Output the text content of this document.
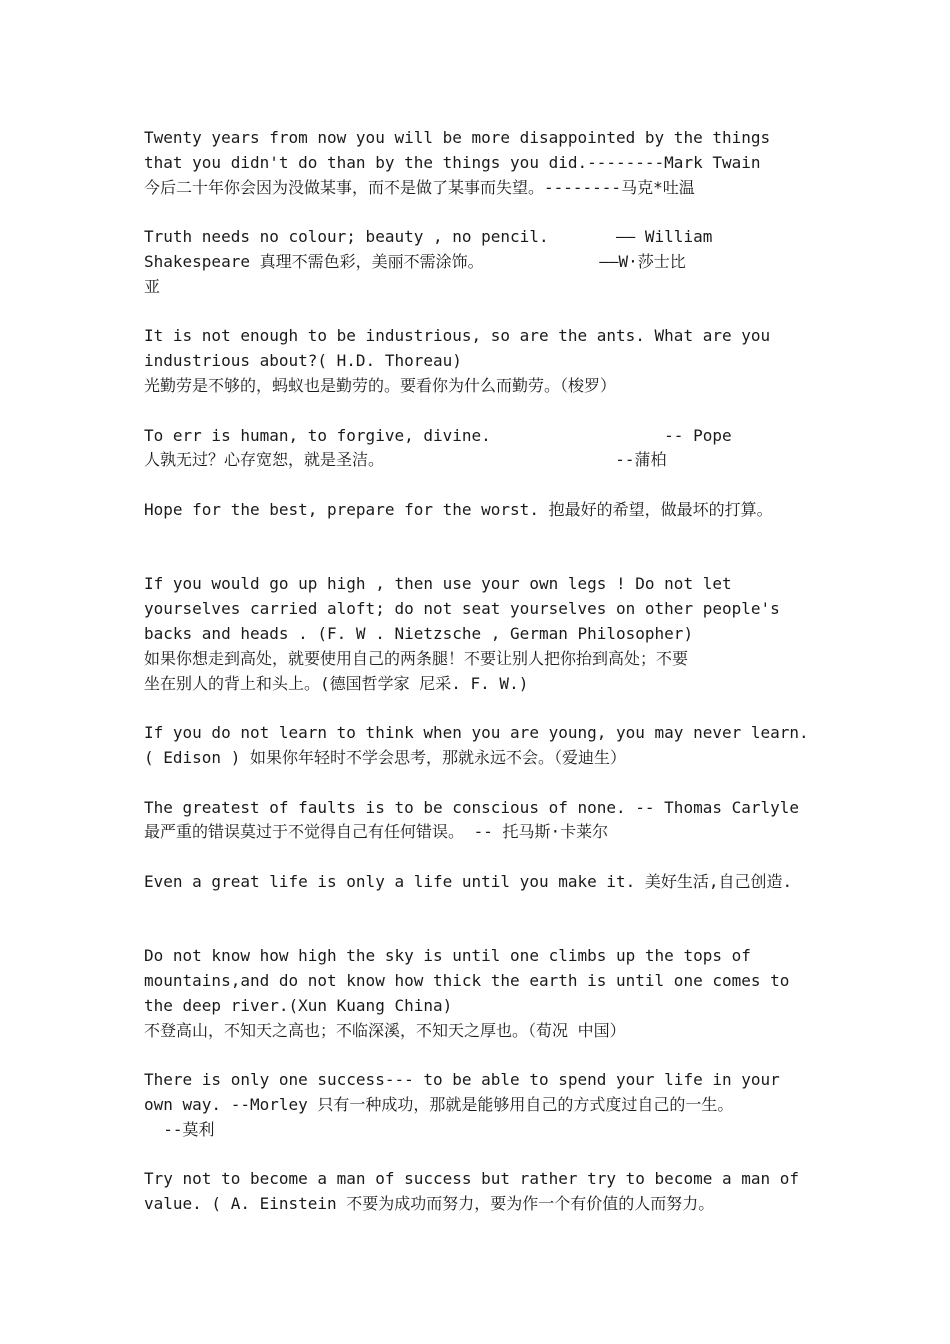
Twenty years from now you will be more disappointed by the things
that you didn't do than by the things you did.--------Mark Twain
今后二十年你会因为没做某事，而不是做了某事而失望。--------马克*吐温
Truth needs no colour; beauty , no pencil.       —— William
Shakespeare 真理不需色彩，美丽不需涂饰。            ——W·莎士比
亚
It is not enough to be industrious, so are the ants. What are you
industrious about?( H.D. Thoreau)
光勤劳是不够的，蚂蚁也是勤劳的。要看你为什么而勤劳。（梭罗）
To err is human, to forgive, divine.                  -- Pope
人孰无过？心存宽恕，就是圣洁。                        --蒲柏
Hope for the best, prepare for the worst. 抱最好的希望，做最坏的打算。
If you would go up high , then use your own legs ! Do not let
yourselves carried aloft; do not seat yourselves on other people's
backs and heads . (F. W . Nietzsche , German Philosopher)
如果你想走到高处，就要使用自己的两条腿！不要让别人把你抬到高处；不要
坐在别人的背上和头上。(德国哲学家 尼采. F. W.)
If you do not learn to think when you are young, you may never learn.
( Edison ) 如果你年轻时不学会思考，那就永远不会。（爱迪生）
The greatest of faults is to be conscious of none. -- Thomas Carlyle
最严重的错误莫过于不觉得自己有任何错误。 -- 托马斯·卡莱尔
Even a great life is only a life until you make it. 美好生活,自己创造.
Do not know how high the sky is until one climbs up the tops of
mountains,and do not know how thick the earth is until one comes to
the deep river.(Xun Kuang China)
不登高山，不知天之高也；不临深溪，不知天之厚也。（荀况 中国）
There is only one success--- to be able to spend your life in your
own way. --Morley 只有一种成功，那就是能够用自己的方式度过自己的一生。
--莫利
Try not to become a man of success but rather try to become a man of
value. ( A. Einstein 不要为成功而努力，要为作一个有价值的人而努力。
